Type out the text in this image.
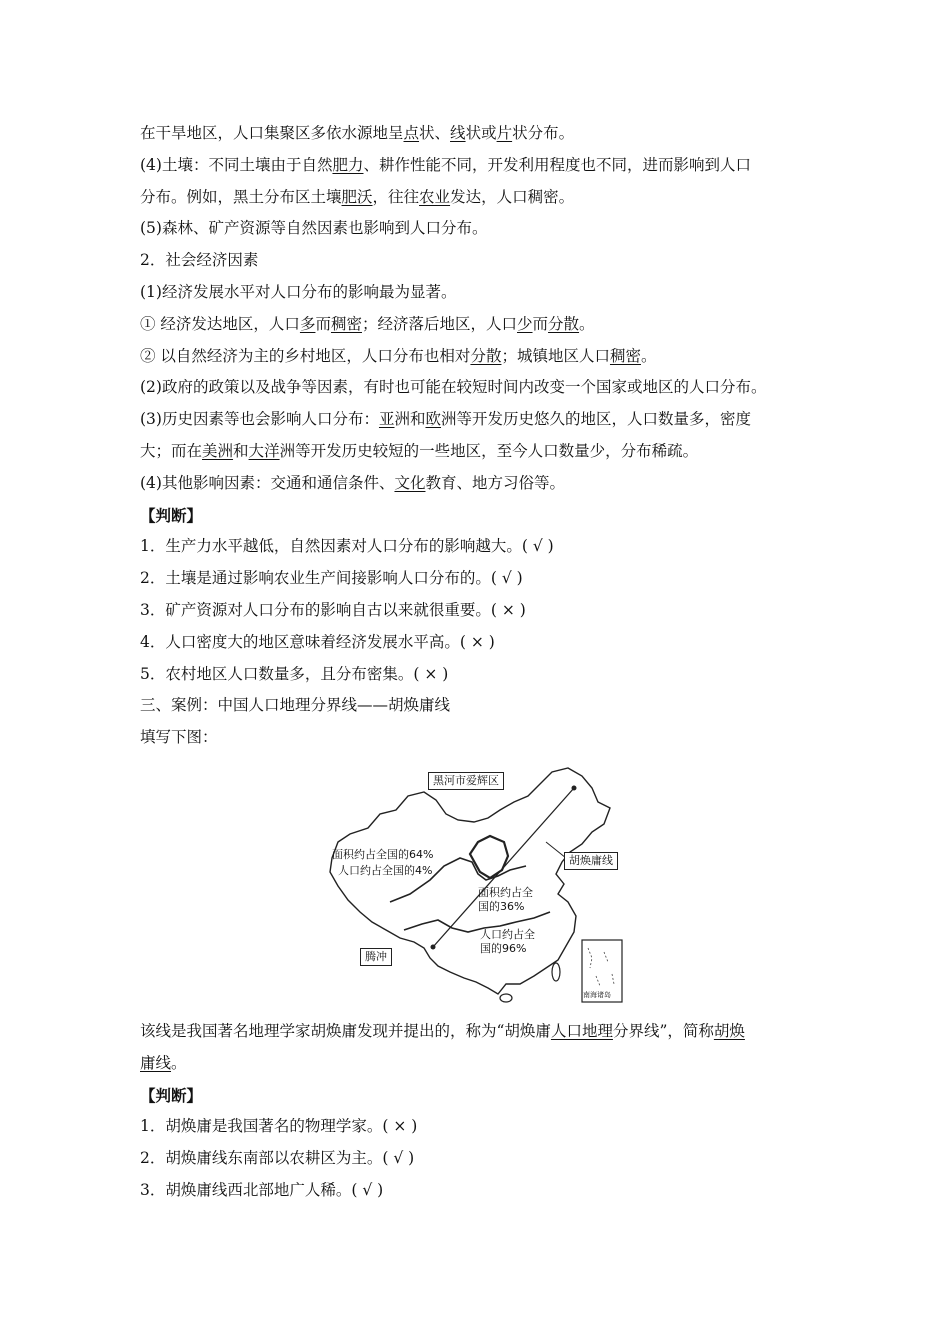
在干旱地区，人口集聚区多依水源地呈点状、线状或片状分布。
(4)土壤：不同土壤由于自然肥力、耕作性能不同，开发利用程度也不同，进而影响到人口
分布。例如，黑土分布区土壤肥沃，往往农业发达，人口稠密。
(5)森林、矿产资源等自然因素也影响到人口分布。
2．社会经济因素
(1)经济发展水平对人口分布的影响最为显著。
① 经济发达地区，人口多而稠密；经济落后地区，人口少而分散。
② 以自然经济为主的乡村地区，人口分布也相对分散；城镇地区人口稠密。
(2)政府的政策以及战争等因素，有时也可能在较短时间内改变一个国家或地区的人口分布。
(3)历史因素等也会影响人口分布：亚洲和欧洲等开发历史悠久的地区，人口数量多，密度
大；而在美洲和大洋洲等开发历史较短的一些地区，至今人口数量少，分布稀疏。
(4)其他影响因素：交通和通信条件、文化教育、地方习俗等。
【判断】
1．生产力水平越低，自然因素对人口分布的影响越大。( √ )
2．土壤是通过影响农业生产间接影响人口分布的。( √ )
3．矿产资源对人口分布的影响自古以来就很重要。( × )
4．人口密度大的地区意味着经济发展水平高。( × )
5．农村地区人口数量多，且分布密集。( × )
三、案例：中国人口地理分界线——胡焕庸线
填写下图：
黑河市爱辉区
胡焕庸线
腾冲
面积约占全国的64%
人口约占全国的4%
面积约占全
国的36%
人口约占全
国的96%
南海诸岛
该线是我国著名地理学家胡焕庸发现并提出的，称为“胡焕庸人口地理分界线”，简称胡焕
庸线。
【判断】
1．胡焕庸是我国著名的物理学家。( × )
2．胡焕庸线东南部以农耕区为主。( √ )
3．胡焕庸线西北部地广人稀。( √ )
